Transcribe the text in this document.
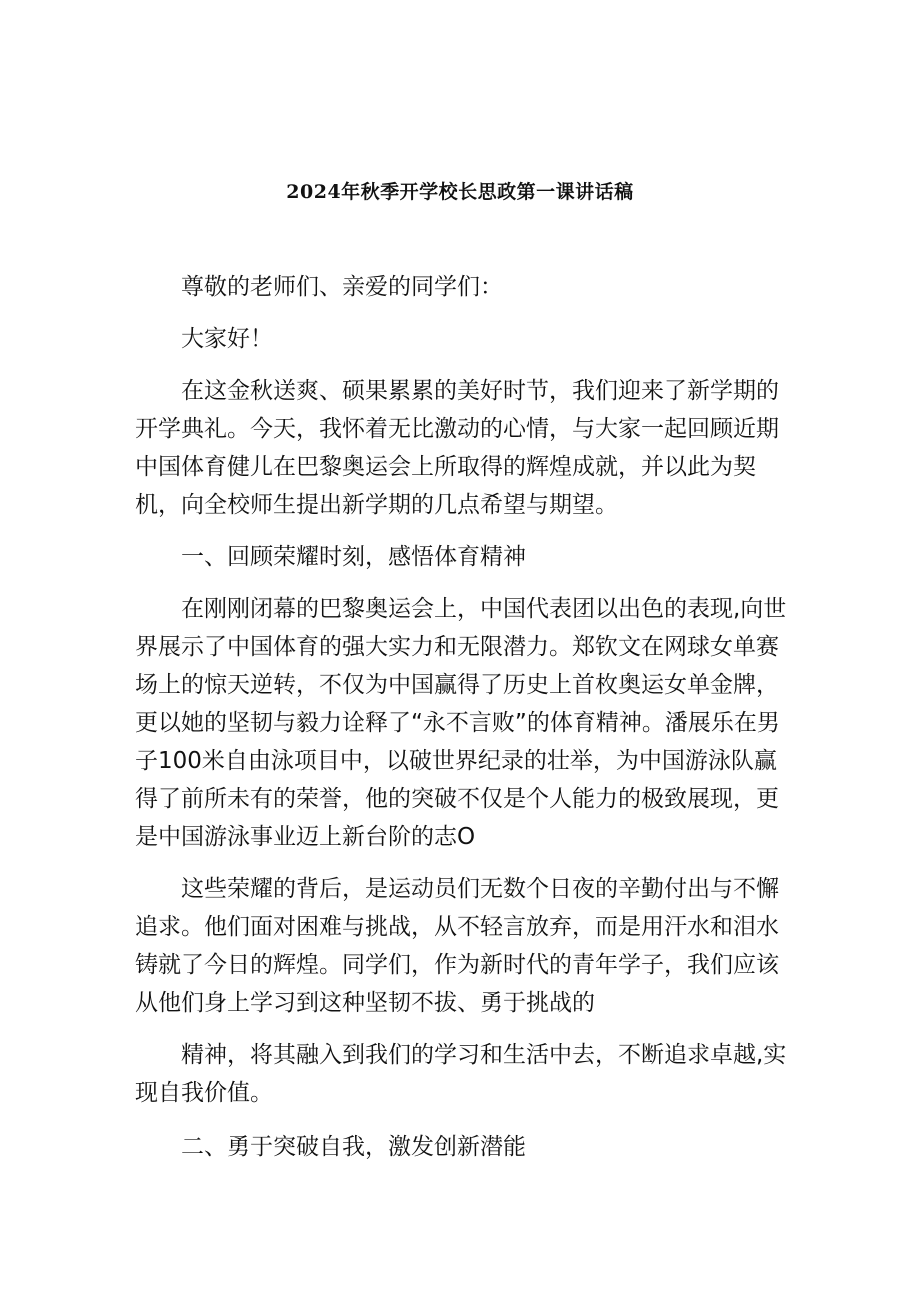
2024年秋季开学校长思政第一课讲话稿

尊敬的老师们、亲爱的同学们：

大家好！

在这金秋送爽、硕果累累的美好时节，我们迎来了新学期的开学典礼。今天，我怀着无比激动的心情，与大家一起回顾近期中国体育健儿在巴黎奥运会上所取得的辉煌成就，并以此为契机，向全校师生提出新学期的几点希望与期望。

一、回顾荣耀时刻，感悟体育精神

在刚刚闭幕的巴黎奥运会上，中国代表团以出色的表现,向世界展示了中国体育的强大实力和无限潜力。郑钦文在网球女单赛场上的惊天逆转，不仅为中国赢得了历史上首枚奥运女单金牌，更以她的坚韧与毅力诠释了“永不言败”的体育精神。潘展乐在男子100米自由泳项目中，以破世界纪录的壮举，为中国游泳队赢得了前所未有的荣誉，他的突破不仅是个人能力的极致展现，更是中国游泳事业迈上新台阶的志O

这些荣耀的背后，是运动员们无数个日夜的辛勤付出与不懈追求。他们面对困难与挑战，从不轻言放弃，而是用汗水和泪水铸就了今日的辉煌。同学们，作为新时代的青年学子，我们应该从他们身上学习到这种坚韧不拔、勇于挑战的

精神，将其融入到我们的学习和生活中去，不断追求卓越,实现自我价值。

二、勇于突破自我，激发创新潜能
